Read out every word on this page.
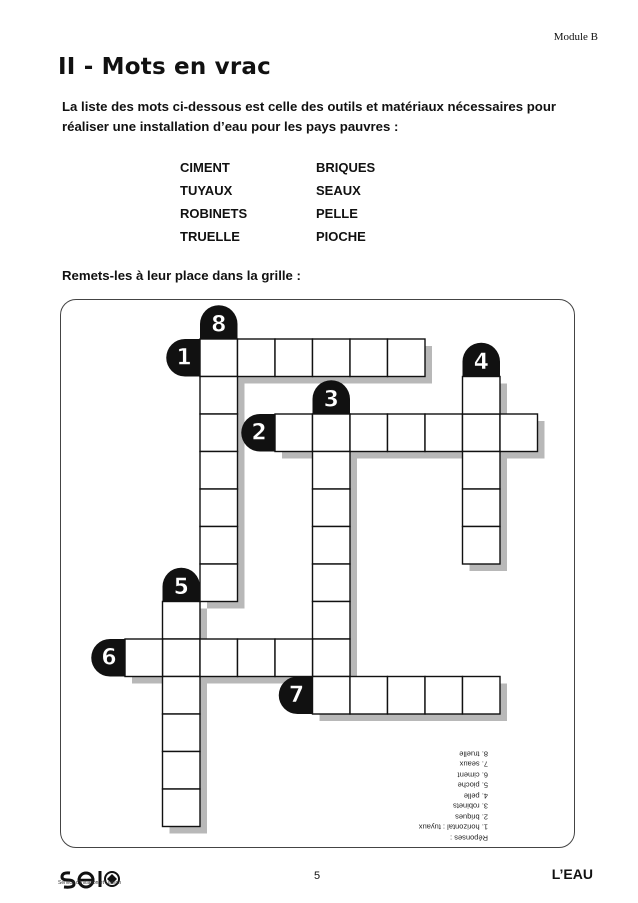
Module B
II - Mots en vrac

La liste des mots ci-dessous est celle des outils et matériaux nécessaires pour réaliser une installation d’eau pour les pays pauvres :

CIMENT	BRIQUES
TUYAUX	SEAUX
ROBINETS	PELLE
TRUELLE	PIOCHE

Remets-les à leur place dans la grille :

1
2
3
4
5
6
7
8
Réponses :
1. horizontal : tuyaux
2. briques
3. robinets
4. pelle
5. pioche
6. ciment
7. seaux
8. truelle
Service d'Initiation et Liaison
5	L’EAU
